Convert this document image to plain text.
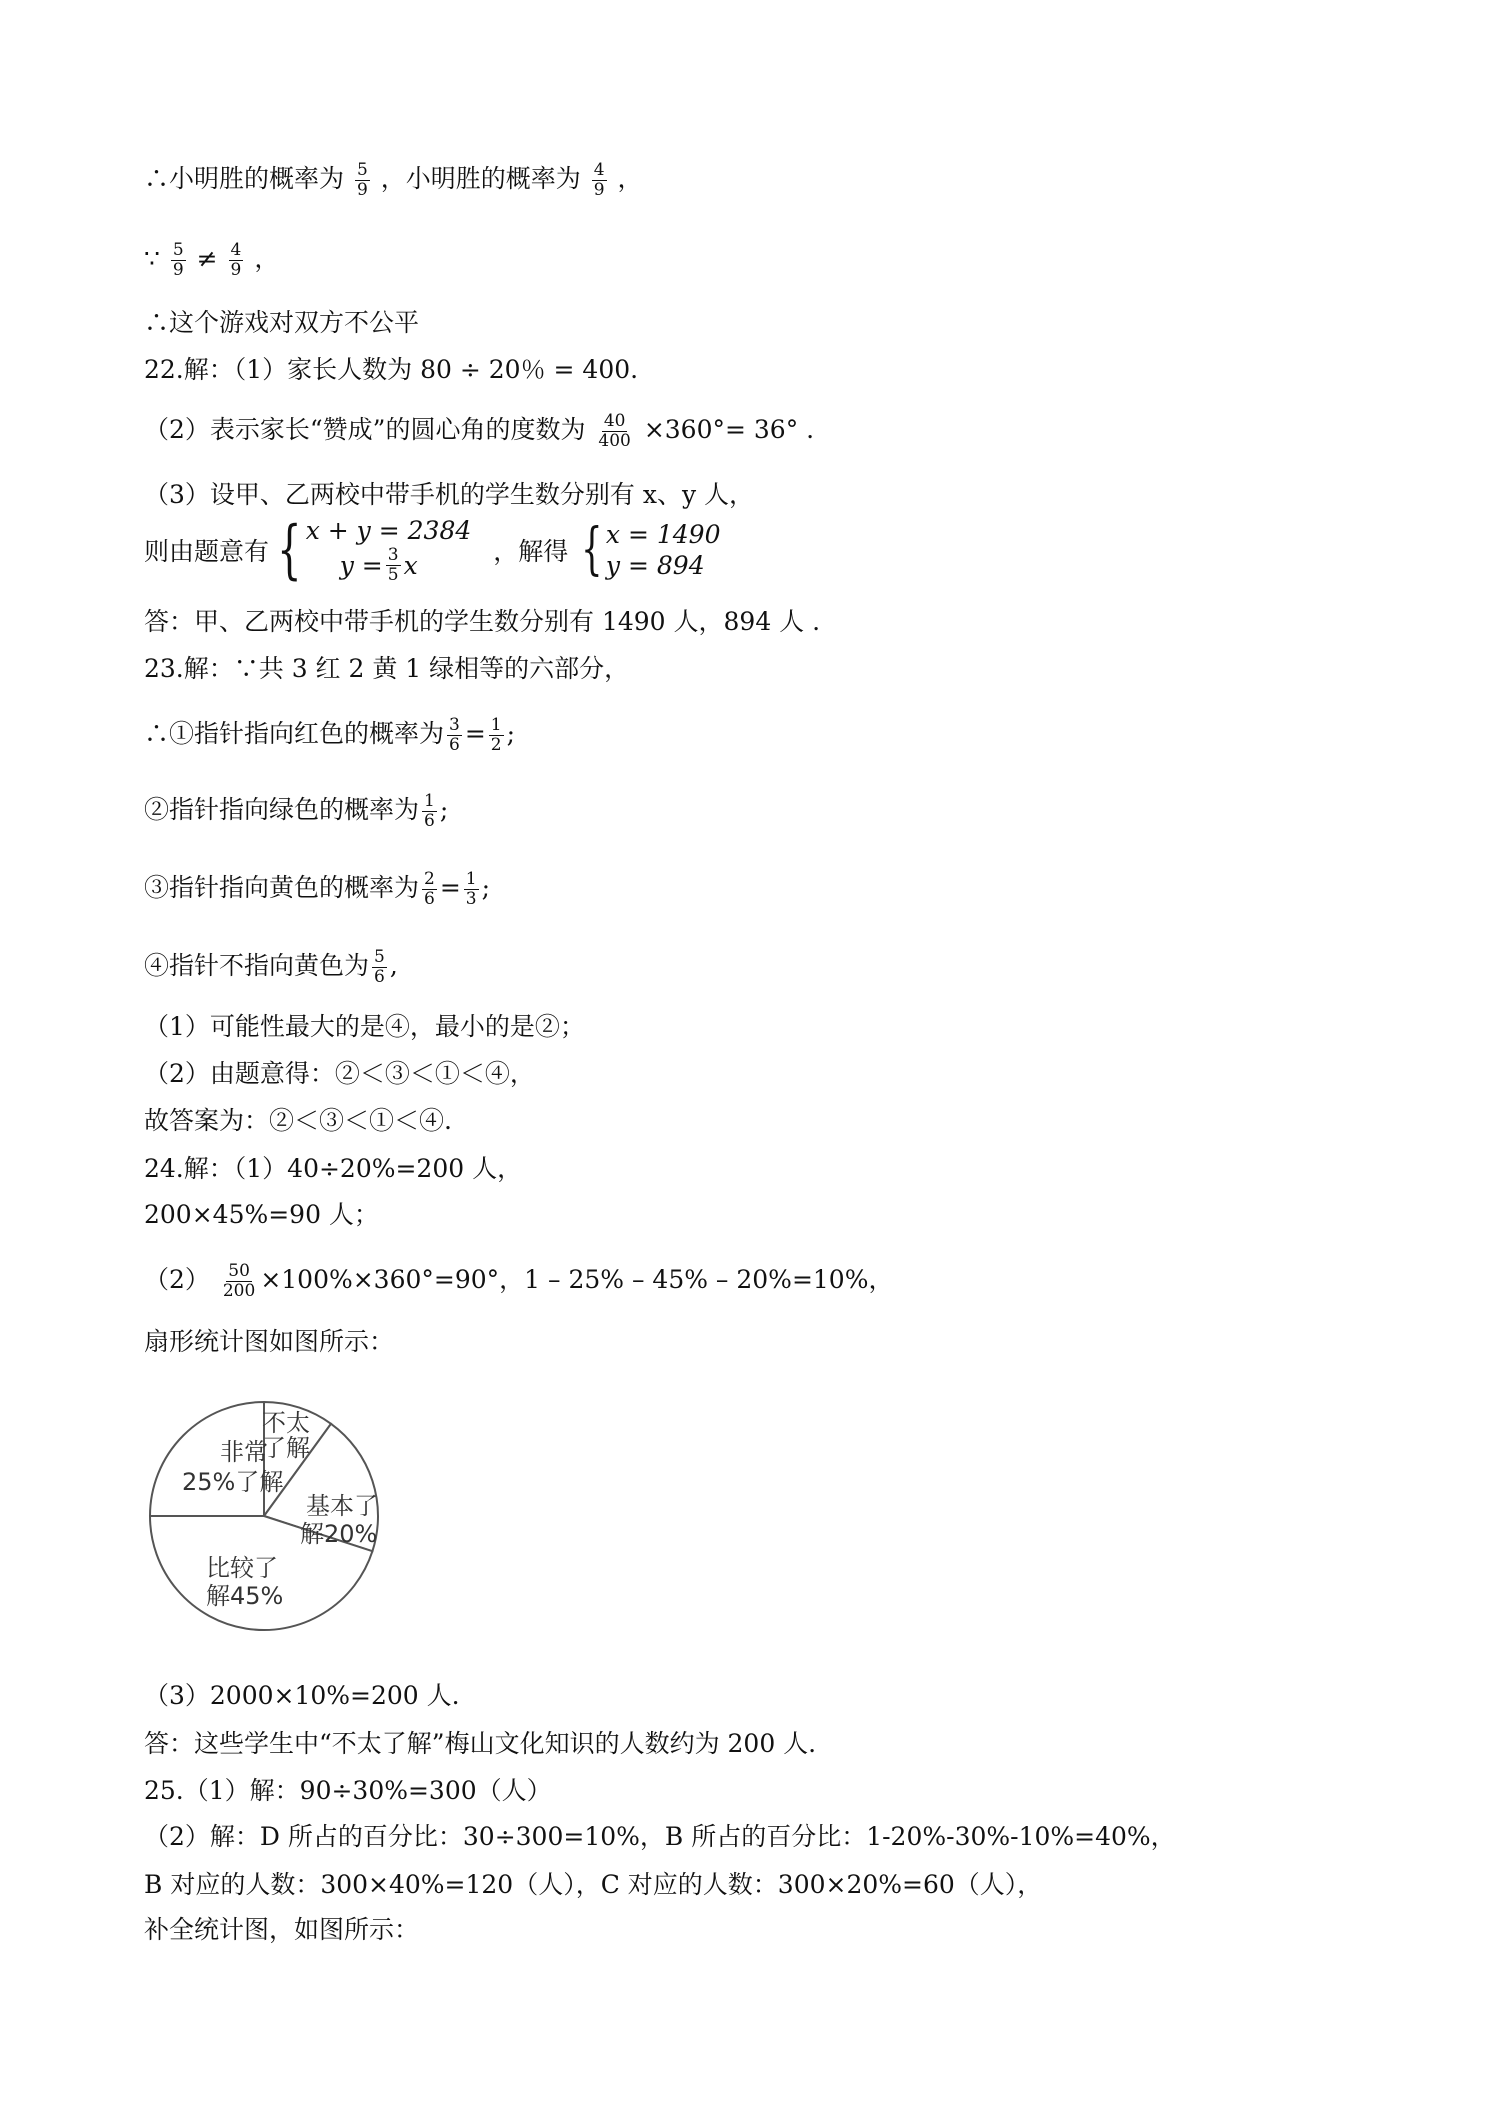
∴小明胜的概率为 $\frac{5}{9}$ ，小明胜的概率为 $\frac{4}{9}$ ，
∵ $\frac{5}{9} \ne \frac{4}{9}$ ，
∴这个游戏对双方不公平
22.解：（1）家长人数为 80 ÷ 20％ = 400.
（2）表示家长“赞成”的圆心角的度数为 $\frac{40}{400} \times 360^\circ= 36^\circ$ .
（3）设甲、乙两校中带手机的学生数分别有 x、y 人，
则由题意有 { x + y = 2384
$y = \frac{3}{5}$ x	，解得 { x = 1490
y = 894
答：甲、乙两校中带手机的学生数分别有 1490 人，894 人 .
23.解：∵共 3 红 2 黄 1 绿相等的六部分，
∴①指针指向红色的概率为 $\frac{3}{6} = \frac{1}{2}$ ;
②指针指向绿色的概率为 $\frac{1}{6}$ ;
③指针指向黄色的概率为 $\frac{2}{6} = \frac{1}{3}$ ;
④指针不指向黄色为 $\frac{5}{6}$ ,
（1）可能性最大的是④，最小的是②；
（2）由题意得：②＜③＜①＜④，
故答案为：②＜③＜①＜④.
24.解：（1）40÷20%=200 人，
200×45%=90 人；
$(2) \frac{50}{200} \times 100\%\times 360^\circ=90^\circ$，1 – 25% – 45% – 20%=10%，
扇形统计图如图所示：
非常
25%了解
不太
了解
基本了
解20%
比较了
解45%
（3）2000×10%=200 人.
答：这些学生中“不太了解”梅山文化知识的人数约为 200 人.
25.（1）解：90÷30%=300（人）
（2）解：D 所占的百分比：30÷300=10%，B 所占的百分比：1-20%-30%-10%=40%，
B 对应的人数：300×40%=120（人），C 对应的人数：300×20%=60（人），
补全统计图，如图所示：
